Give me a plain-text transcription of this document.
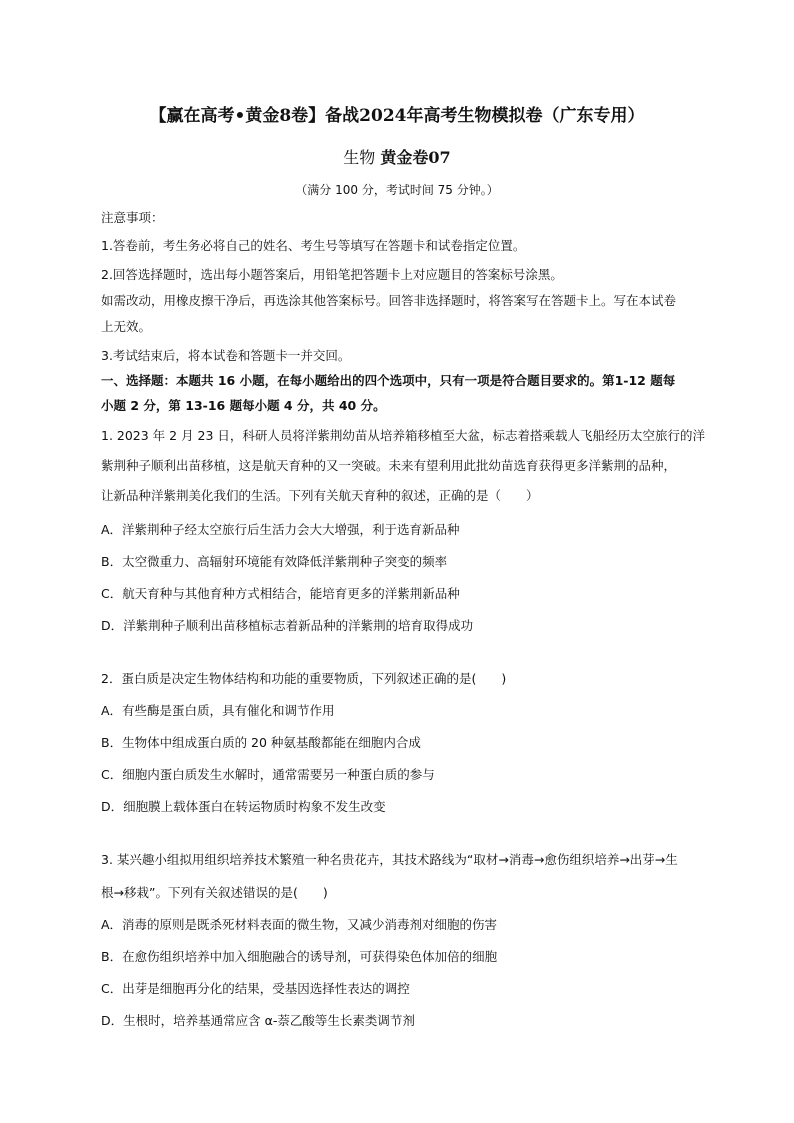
【赢在高考•黄金8卷】备战2024年高考生物模拟卷（广东专用）
生物 黄金卷07
（满分 100 分，考试时间 75 分钟。）
注意事项：
1.答卷前，考生务必将自己的姓名、考生号等填写在答题卡和试卷指定位置。
2.回答选择题时，选出每小题答案后，用铅笔把答题卡上对应题目的答案标号涂黑。
如需改动，用橡皮擦干净后，再选涂其他答案标号。回答非选择题时，将答案写在答题卡上。写在本试卷
上无效。
3.考试结束后，将本试卷和答题卡一并交回。
一、选择题：本题共 16 小题，在每小题给出的四个选项中，只有一项是符合题目要求的。第1-12 题每
小题 2 分，第 13-16 题每小题 4 分，共 40 分。
1. 2023 年 2 月 23 日，科研人员将洋紫荆幼苗从培养箱移植至大盆，标志着搭乘载人飞船经历太空旅行的洋
紫荆种子顺利出苗移植，这是航天育种的又一突破。未来有望利用此批幼苗选育获得更多洋紫荆的品种，
让新品种洋紫荆美化我们的生活。下列有关航天育种的叙述，正确的是（　　）
A．洋紫荆种子经太空旅行后生活力会大大增强，利于选育新品种
B．太空微重力、高辐射环境能有效降低洋紫荆种子突变的频率
C．航天育种与其他育种方式相结合，能培育更多的洋紫荆新品种
D．洋紫荆种子顺利出苗移植标志着新品种的洋紫荆的培育取得成功
2．蛋白质是决定生物体结构和功能的重要物质，下列叙述正确的是(　　)
A．有些酶是蛋白质，具有催化和调节作用
B．生物体中组成蛋白质的 20 种氨基酸都能在细胞内合成
C．细胞内蛋白质发生水解时，通常需要另一种蛋白质的参与
D．细胞膜上载体蛋白在转运物质时构象不发生改变
3. 某兴趣小组拟用组织培养技术繁殖一种名贵花卉，其技术路线为“取材→消毒→愈伤组织培养→出芽→生
根→移栽”。下列有关叙述错误的是(　　)
A．消毒的原则是既杀死材料表面的微生物，又减少消毒剂对细胞的伤害
B．在愈伤组织培养中加入细胞融合的诱导剂，可获得染色体加倍的细胞
C．出芽是细胞再分化的结果，受基因选择性表达的调控
D．生根时，培养基通常应含 α-萘乙酸等生长素类调节剂
